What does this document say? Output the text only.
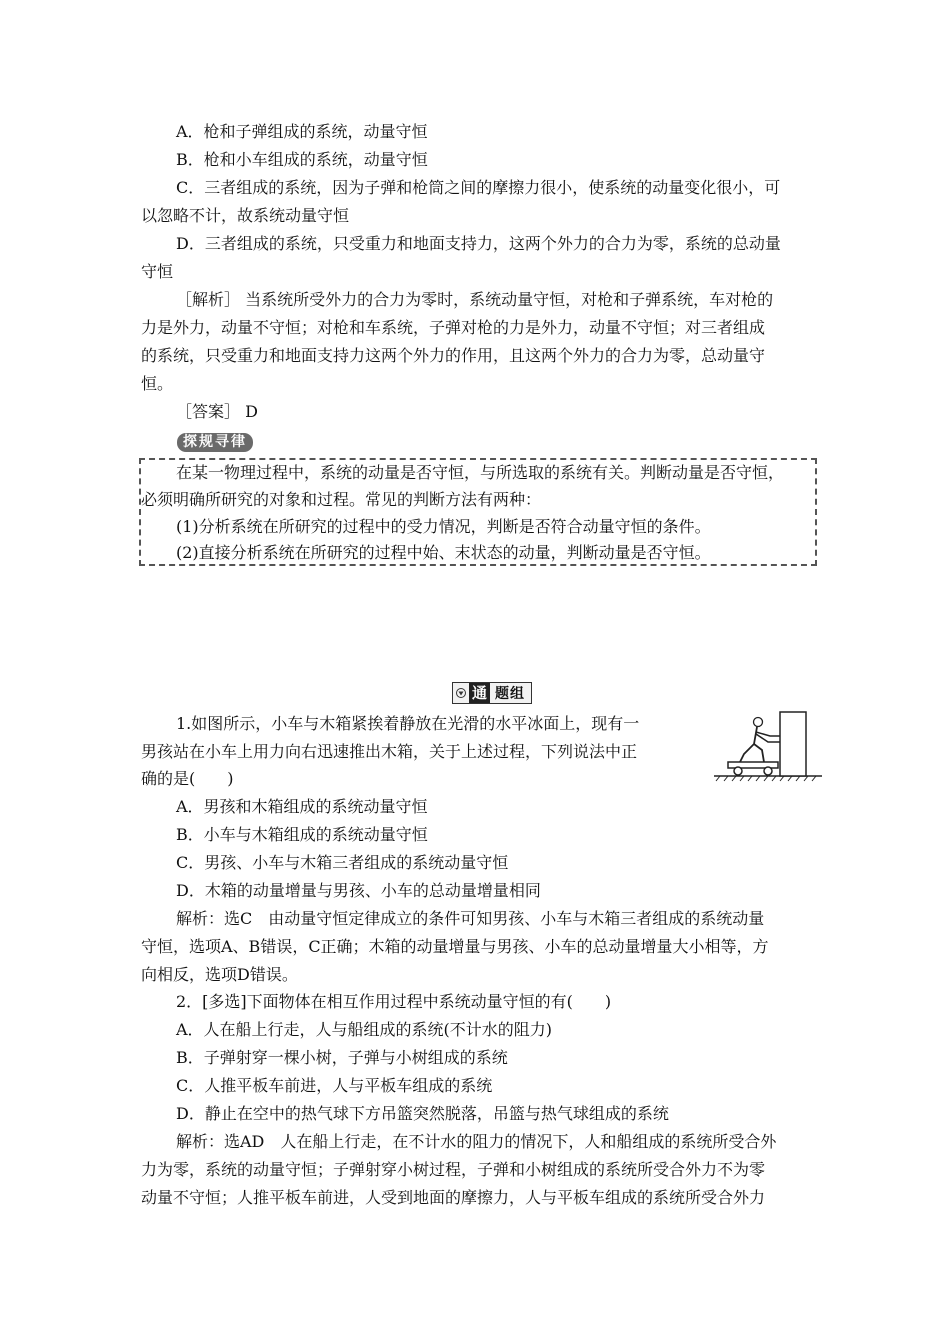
A．枪和子弹组成的系统，动量守恒
B．枪和小车组成的系统，动量守恒
C．三者组成的系统，因为子弹和枪筒之间的摩擦力很小，使系统的动量变化很小，可
以忽略不计，故系统动量守恒
D．三者组成的系统，只受重力和地面支持力，这两个外力的合力为零，系统的总动量
守恒
［解析］ 当系统所受外力的合力为零时，系统动量守恒，对枪和子弹系统，车对枪的
力是外力，动量不守恒；对枪和车系统，子弹对枪的力是外力，动量不守恒；对三者组成
的系统，只受重力和地面支持力这两个外力的作用，且这两个外力的合力为零，总动量守
恒。
［答案］ D
探规寻律
在某一物理过程中，系统的动量是否守恒，与所选取的系统有关。判断动量是否守恒，
必须明确所研究的对象和过程。常见的判断方法有两种：
(1)分析系统在所研究的过程中的受力情况，判断是否符合动量守恒的条件。
(2)直接分析系统在所研究的过程中始、末状态的动量，判断动量是否守恒。
通 题组
1.如图所示，小车与木箱紧挨着静放在光滑的水平冰面上，现有一
男孩站在小车上用力向右迅速推出木箱，关于上述过程，下列说法中正
确的是(　　)
A．男孩和木箱组成的系统动量守恒
B．小车与木箱组成的系统动量守恒
C．男孩、小车与木箱三者组成的系统动量守恒
D．木箱的动量增量与男孩、小车的总动量增量相同
解析：选C　由动量守恒定律成立的条件可知男孩、小车与木箱三者组成的系统动量
守恒，选项A、B错误，C正确；木箱的动量增量与男孩、小车的总动量增量大小相等，方
向相反，选项D错误。
2．[多选]下面物体在相互作用过程中系统动量守恒的有(　　)
A．人在船上行走，人与船组成的系统(不计水的阻力)
B．子弹射穿一棵小树，子弹与小树组成的系统
C．人推平板车前进，人与平板车组成的系统
D．静止在空中的热气球下方吊篮突然脱落，吊篮与热气球组成的系统
解析：选AD　人在船上行走，在不计水的阻力的情况下，人和船组成的系统所受合外
力为零，系统的动量守恒；子弹射穿小树过程，子弹和小树组成的系统所受合外力不为零
动量不守恒；人推平板车前进，人受到地面的摩擦力，人与平板车组成的系统所受合外力
